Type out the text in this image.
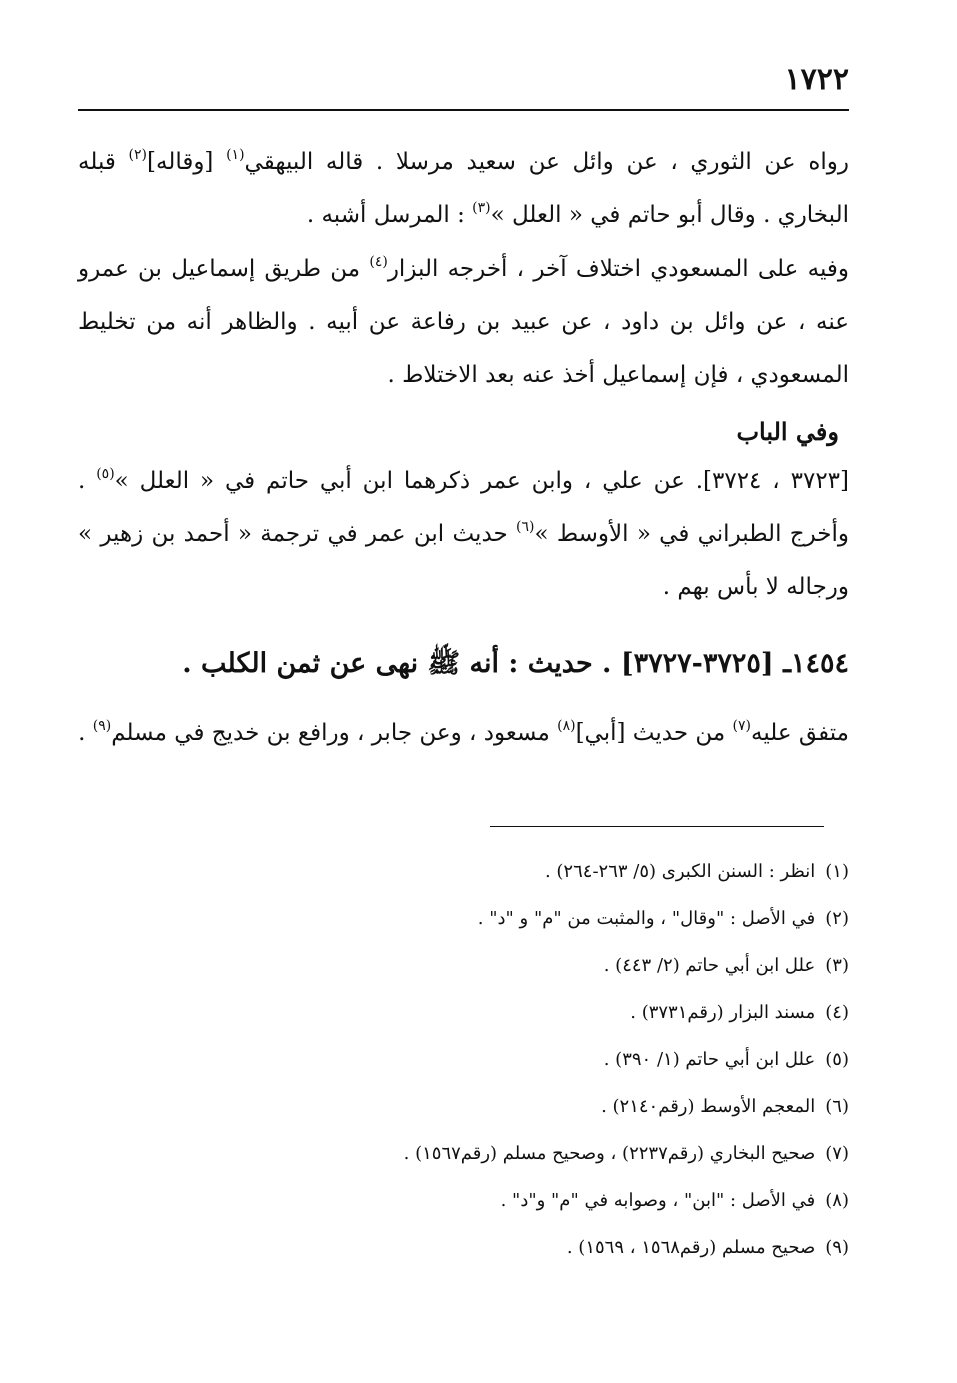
١٧٢٢

رواه عن الثوري ، عن وائل عن سعيد مرسلا . قاله البيهقي$^{(١)}$ [وقاله]$^{(٢)}$ قبله البخاري . وقال أبو حاتم في « العلل »$^{(٣)}$ : المرسل أشبه .

وفيه على المسعودي اختلاف آخر ، أخرجه البزار$^{(٤)}$ من طريق إسماعيل بن عمرو عنه ، عن وائل بن داود ، عن عبيد بن رفاعة عن أبيه . والظاهر أنه من تخليط المسعودي ، فإن إسماعيل أخذ عنه بعد الاختلاط .

وفي الباب

[٣٧٢٣ ، ٣٧٢٤]. عن علي ، وابن عمر ذكرهما ابن أبي حاتم في « العلل »$^{(٥)}$ . وأخرج الطبراني في « الأوسط »$^{(٦)}$ حديث ابن عمر في ترجمة « أحمد بن زهير » ورجاله لا بأس بهم .

١٤٥٤ـ [٣٧٢٥-٣٧٢٧] . حديث : أنه ﷺ نهى عن ثمن الكلب .

متفق عليه$^{(٧)}$ من حديث [أبي]$^{(٨)}$ مسعود ، وعن جابر ، ورافع بن خديج في مسلم$^{(٩)}$ .

(١)انظر : السنن الكبرى (٥/ ٢٦٣-٢٦٤) .
(٢)في الأصل : "وقال" ، والمثبت من "م" و "د" .
(٣)علل ابن أبي حاتم (٢/ ٤٤٣) .
(٤)مسند البزار (رقم٣٧٣١) .
(٥)علل ابن أبي حاتم (١/ ٣٩٠) .
(٦)المعجم الأوسط (رقم٢١٤٠) .
(٧)صحيح البخاري (رقم٢٢٣٧) ، وصحيح مسلم (رقم١٥٦٧) .
(٨)في الأصل : "ابن" ، وصوابه في "م" و"د" .
(٩)صحيح مسلم (رقم١٥٦٨ ، ١٥٦٩) .
